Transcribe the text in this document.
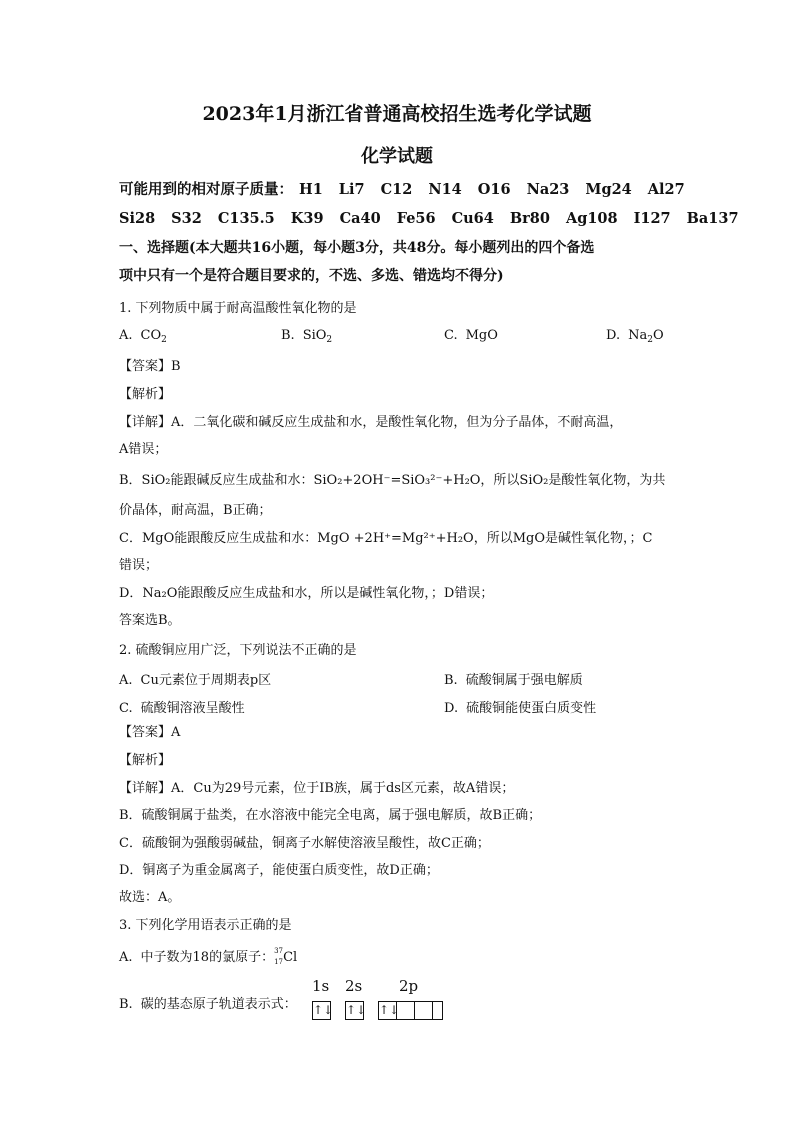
2023年1月浙江省普通高校招生选考化学试题
化学试题
可能用到的相对原子质量： H1 Li7 C12 N14 O16 Na23 Mg24 Al27
Si28 S32 C135.5 K39 Ca40 Fe56 Cu64 Br80 Ag108 I127 Ba137
一、选择题(本大题共16小题，每小题3分，共48分。每小题列出的四个备选
项中只有一个是符合题目要求的，不选、多选、错选均不得分)
1. 下列物质中属于耐高温酸性氧化物的是
A. $CO_2$	B. SiO$_2$	C. MgO	D. $Na_2O$
【答案】B
【解析】
【详解】A．二氧化碳和碱反应生成盐和水，是酸性氧化物，但为分子晶体，不耐高温，
A错误；
B．SiO₂能跟碱反应生成盐和水：SiO₂+2OH⁻=SiO₃²⁻+H₂O，所以SiO₂是酸性氧化物，为共
价晶体，耐高温，B正确；
C．MgO能跟酸反应生成盐和水：MgO +2H⁺=Mg²⁺+H₂O，所以MgO是碱性氧化物，；C
错误；
D．Na₂O能跟酸反应生成盐和水，所以是碱性氧化物，；D错误；
答案选B。
2. 硫酸铜应用广泛，下列说法不正确的是
A. Cu元素位于周期表p区	B. 硫酸铜属于强电解质
C. 硫酸铜溶液呈酸性	D. 硫酸铜能使蛋白质变性
【答案】A
【解析】
【详解】A．Cu为29号元素，位于IB族，属于ds区元素，故A错误；
B．硫酸铜属于盐类，在水溶液中能完全电离，属于强电解质，故B正确；
C．硫酸铜为强酸弱碱盐，铜离子水解使溶液呈酸性，故C正确；
D．铜离子为重金属离子，能使蛋白质变性，故D正确；
故选：A。
3. 下列化学用语表示正确的是
A. 中子数为18的氯原子： 37
17 Cl
B. 碳的基态原子轨道表示式：
1s 2s 2p
↑↓ ↑↓ ↑↓
